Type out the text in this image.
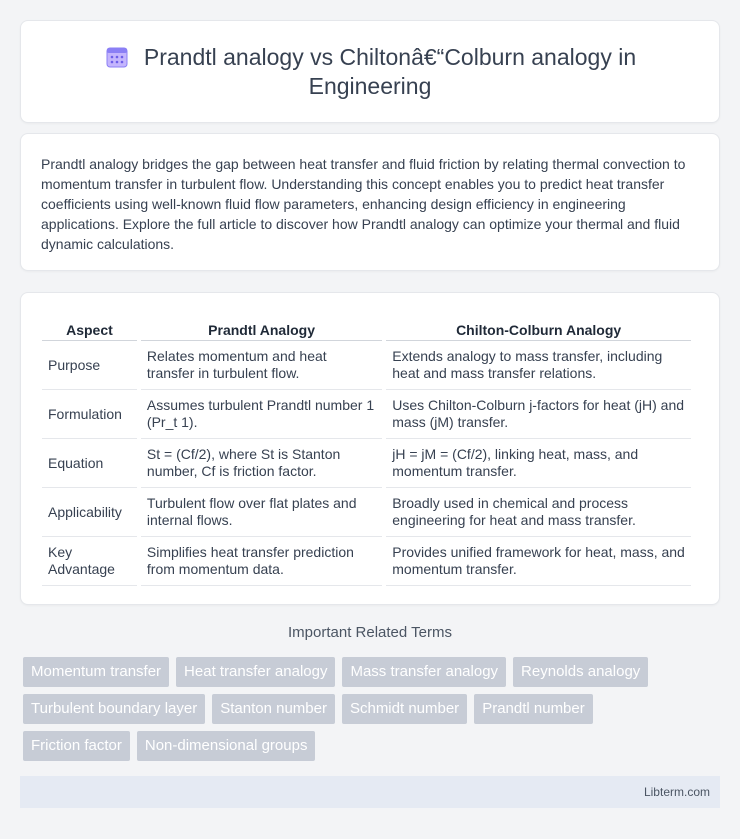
Prandtl analogy vs Chiltonâ€“Colburn analogy in Engineering

Prandtl analogy bridges the gap between heat transfer and fluid friction by relating thermal convection to momentum transfer in turbulent flow. Understanding this concept enables you to predict heat transfer coefficients using well-known fluid flow parameters, enhancing design efficiency in engineering applications. Explore the full article to discover how Prandtl analogy can optimize your thermal and fluid dynamic calculations.

Aspect	Prandtl Analogy	Chilton-Colburn Analogy
Purpose	Relates momentum and heat transfer in turbulent flow.	Extends analogy to mass transfer, including heat and mass transfer relations.
Formulation	Assumes turbulent Prandtl number 1 (Pr_t 1).	Uses Chilton-Colburn j-factors for heat (jH) and mass (jM) transfer.
Equation	St = (Cf/2), where St is Stanton number, Cf is friction factor.	jH = jM = (Cf/2), linking heat, mass, and momentum transfer.
Applicability	Turbulent flow over flat plates and internal flows.	Broadly used in chemical and process engineering for heat and mass transfer.
Key Advantage	Simplifies heat transfer prediction from momentum data.	Provides unified framework for heat, mass, and momentum transfer.
Important Related Terms
Momentum transfer	Heat transfer analogy	Mass transfer analogy	Reynolds analogy
Turbulent boundary layer	Stanton number	Schmidt number	Prandtl number
Friction factor	Non-dimensional groups
Libterm.com
